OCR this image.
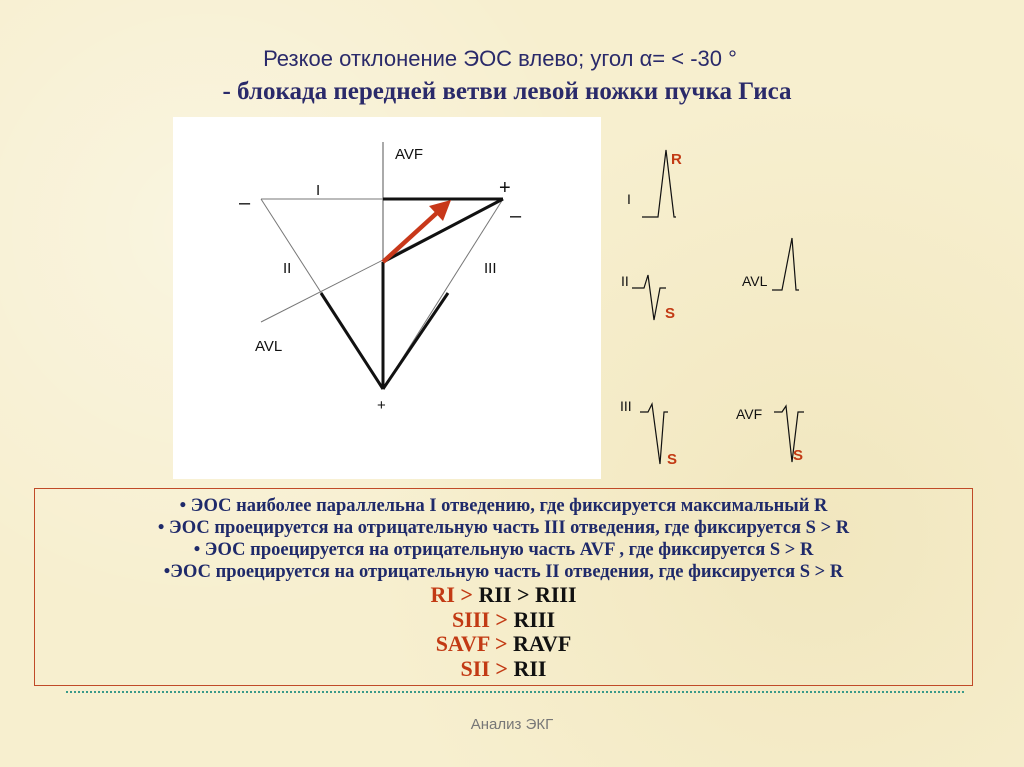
Резкое отклонение ЭОС влево; угол α= < -30 °
- блокада передней ветви левой ножки пучка Гиса
AVF
I
II	III
AVL
+
–
–
+
I
R
II
S
AVL
III
S
AVF
S
• ЭОС наиболее параллельна I отведению, где фиксируется максимальный R
• ЭОС проецируется на отрицательную часть III отведения, где фиксируется S > R
• ЭОС проецируется на отрицательную часть AVF , где фиксируется S > R
•ЭОС проецируется на отрицательную часть II отведения, где фиксируется S > R
RI > RII > RIII
SIII > RIII
SAVF > RAVF
SII > RII
Анализ ЭКГ
